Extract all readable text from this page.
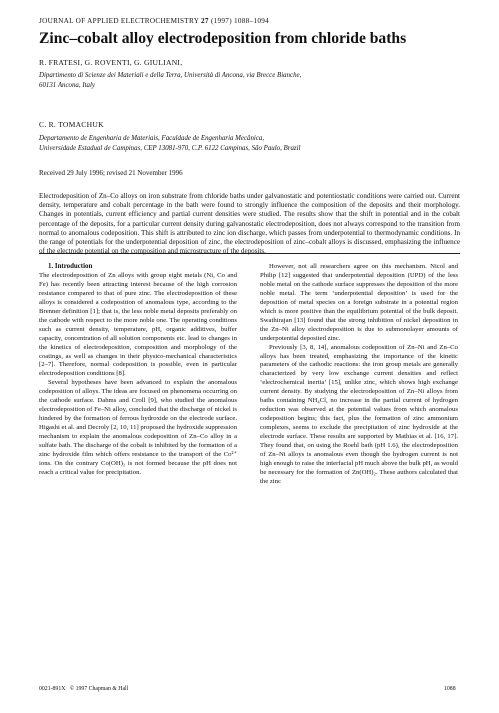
JOURNAL OF APPLIED ELECTROCHEMISTRY 27 (1997) 1088–1094
Zinc–cobalt alloy electrodeposition from chloride baths
R. FRATESI, G. ROVENTI, G. GIULIANI,
Dipartimento di Scienze dei Materiali e della Terra, Università di Ancona, via Brecce Bianche,
60131 Ancona, Italy
C. R. TOMACHUK
Departamento de Engenharia de Materiais, Faculdade de Engenharia Mecânica,
Universidade Estadual de Campinas, CEP 13081-970, C.P. 6122 Campinas, São Paulo, Brazil
Received 29 July 1996; revised 21 November 1996
Electrodeposition of Zn–Co alloys on iron substrate from chloride baths under galvanostatic and potentiostatic conditions were carried out. Current density, temperature and cobalt percentage in the bath were found to strongly influence the composition of the deposits and their morphology. Changes in potentials, current efficiency and partial current densities were studied. The results show that the shift in potential and in the cobalt percentage of the deposits, for a particular current density during galvanostatic electrodeposition, does not always correspond to the transition from normal to anomalous codeposition. This shift is attributed to zinc ion discharge, which passes from underpotential to thermodynamic conditions. In the range of potentials for the underpotential deposition of zinc, the electrodeposition of zinc–cobalt alloys is discussed, emphasizing the influence of the electrode potential on the composition and microstructure of the deposits.

1. Introduction

The electrodeposition of Zn alloys with group eight metals (Ni, Co and Fe) has recently been attracting interest because of the high corrosion resistance compared to that of pure zinc. The electrodeposition of these alloys is considered a codeposition of anomalous type, according to the Brenner definition [1]; that is, the less noble metal deposits preferably on the cathode with respect to the more noble one. The operating conditions such as current density, temperature, pH, organic additives, buffer capacity, concentration of all solution components etc. lead to changes in the kinetics of electrodeposition, composition and morphology of the coatings, as well as changes in their physico-mechanical characteristics [2–7]. Therefore, normal codeposition is possible, even in particular electrodeposition conditions [8].

Several hypotheses have been advanced to explain the anomalous codeposition of alloys. The ideas are focused on phenomena occurring on the cathode surface. Dahms and Croll [9], who studied the anomalous electrodeposition of Fe–Ni alloy, concluded that the discharge of nickel is hindered by the formation of ferrous hydroxide on the electrode surface. Higashi et al. and Decroly [2, 10, 11] proposed the hydroxide suppression mechanism to explain the anomalous codeposition of Zn–Co alloy in a sulfate bath. The discharge of the cobalt is inhibited by the formation of a zinc hydroxide film which offers resistance to the transport of the Co²⁺ ions. On the contrary Co(OH)₂ is not formed because the pH does not reach a critical value for precipitation.

However, not all researchers agree on this mechanism. Nicol and Philip [12] suggested that underpotential deposition (UPD) of the less noble metal on the cathode surface suppresses the deposition of the more noble metal. The term ‘underpotential deposition’ is used for the deposition of metal species on a foreign substrate in a potential region which is more positive than the equilibrium potential of the bulk deposit. Swathirajan [13] found that the strong inhibition of nickel deposition in the Zn–Ni alloy electrodeposition is due to submonolayer amounts of underpotential deposited zinc.

Previously [3, 8, 14], anomalous codeposition of Zn–Ni and Zn–Co alloys has been treated, emphasizing the importance of the kinetic parameters of the cathodic reactions: the iron group metals are generally characterized by very low exchange current densities and reflect ‘electrochemical inertia’ [15], unlike zinc, which shows high exchange current density. By studying the electrodeposition of Zn–Ni alloys from baths containing NH₄Cl, no increase in the partial current of hydrogen reduction was observed at the potential values from which anomalous codeposition begins; this fact, plus the formation of zinc ammonium complexes, seems to exclude the precipitation of zinc hydroxide at the electrode surface. These results are supported by Mathias et al. [16, 17]. They found that, on using the Roehl bath (pH 1.6), the electrodeposition of Zn–Ni alloys is anomalous even though the hydrogen current is not high enough to raise the interfacial pH much above the bulk pH, as would be necessary for the formation of Zn(OH)₂. These authors calculated that the zinc

0021-891X © 1997 Chapman & Hall	1088
